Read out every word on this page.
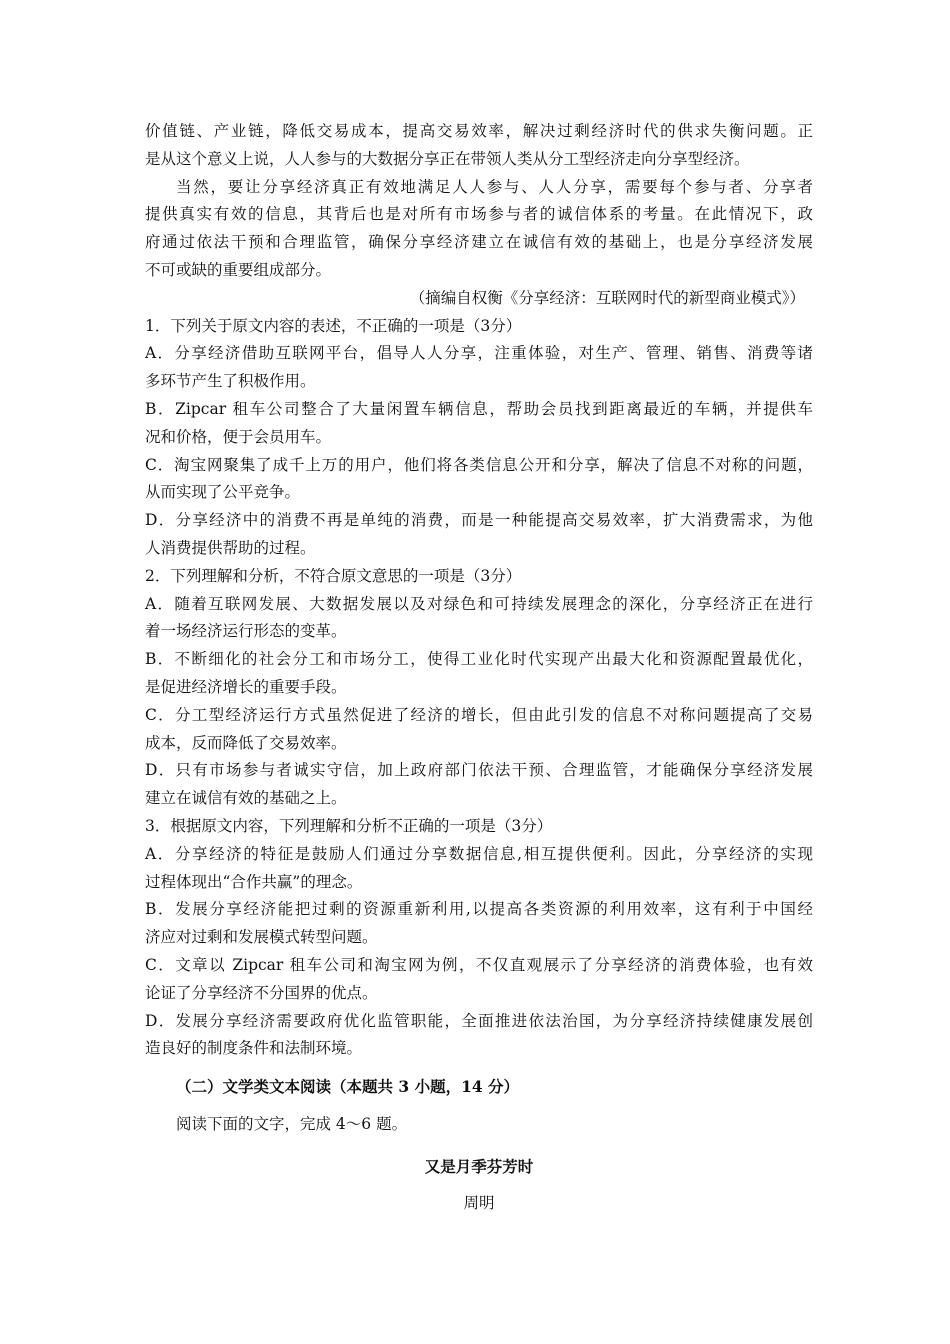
价值链、产业链，降低交易成本，提高交易效率，解决过剩经济时代的供求失衡问题。正
是从这个意义上说，人人参与的大数据分享正在带领人类从分工型经济走向分享型经济。
当然，要让分享经济真正有效地满足人人参与、人人分享，需要每个参与者、分享者
提供真实有效的信息，其背后也是对所有市场参与者的诚信体系的考量。在此情况下，政
府通过依法干预和合理监管，确保分享经济建立在诚信有效的基础上，也是分享经济发展
不可或缺的重要组成部分。
（摘编自权衡《分享经济：互联网时代的新型商业模式》）
1．下列关于原文内容的表述，不正确的一项是（3分）
A．分享经济借助互联网平台，倡导人人分享，注重体验，对生产、管理、销售、消费等诸
多环节产生了积极作用。
B．Zipcar 租车公司整合了大量闲置车辆信息，帮助会员找到距离最近的车辆，并提供车
况和价格，便于会员用车。
C．淘宝网聚集了成千上万的用户，他们将各类信息公开和分享，解决了信息不对称的问题，
从而实现了公平竞争。
D．分享经济中的消费不再是单纯的消费，而是一种能提高交易效率，扩大消费需求，为他
人消费提供帮助的过程。
2．下列理解和分析，不符合原文意思的一项是（3分）
A．随着互联网发展、大数据发展以及对绿色和可持续发展理念的深化，分享经济正在进行
着一场经济运行形态的变革。
B．不断细化的社会分工和市场分工，使得工业化时代实现产出最大化和资源配置最优化，
是促进经济增长的重要手段。
C．分工型经济运行方式虽然促进了经济的增长，但由此引发的信息不对称问题提高了交易
成本，反而降低了交易效率。
D．只有市场参与者诚实守信，加上政府部门依法干预、合理监管，才能确保分享经济发展
建立在诚信有效的基础之上。
3．根据原文内容，下列理解和分析不正确的一项是（3分）
A．分享经济的特征是鼓励人们通过分享数据信息,相互提供便利。因此，分享经济的实现
过程体现出“合作共赢”的理念。
B．发展分享经济能把过剩的资源重新利用,以提高各类资源的利用效率，这有利于中国经
济应对过剩和发展模式转型问题。
C．文章以 Zipcar 租车公司和淘宝网为例，不仅直观展示了分享经济的消费体验，也有效
论证了分享经济不分国界的优点。
D．发展分享经济需要政府优化监管职能，全面推进依法治国，为分享经济持续健康发展创
造良好的制度条件和法制环境。
（二）文学类文本阅读（本题共 3 小题，14 分）
阅读下面的文字，完成 4～6 题。
又是月季芬芳时
周明
